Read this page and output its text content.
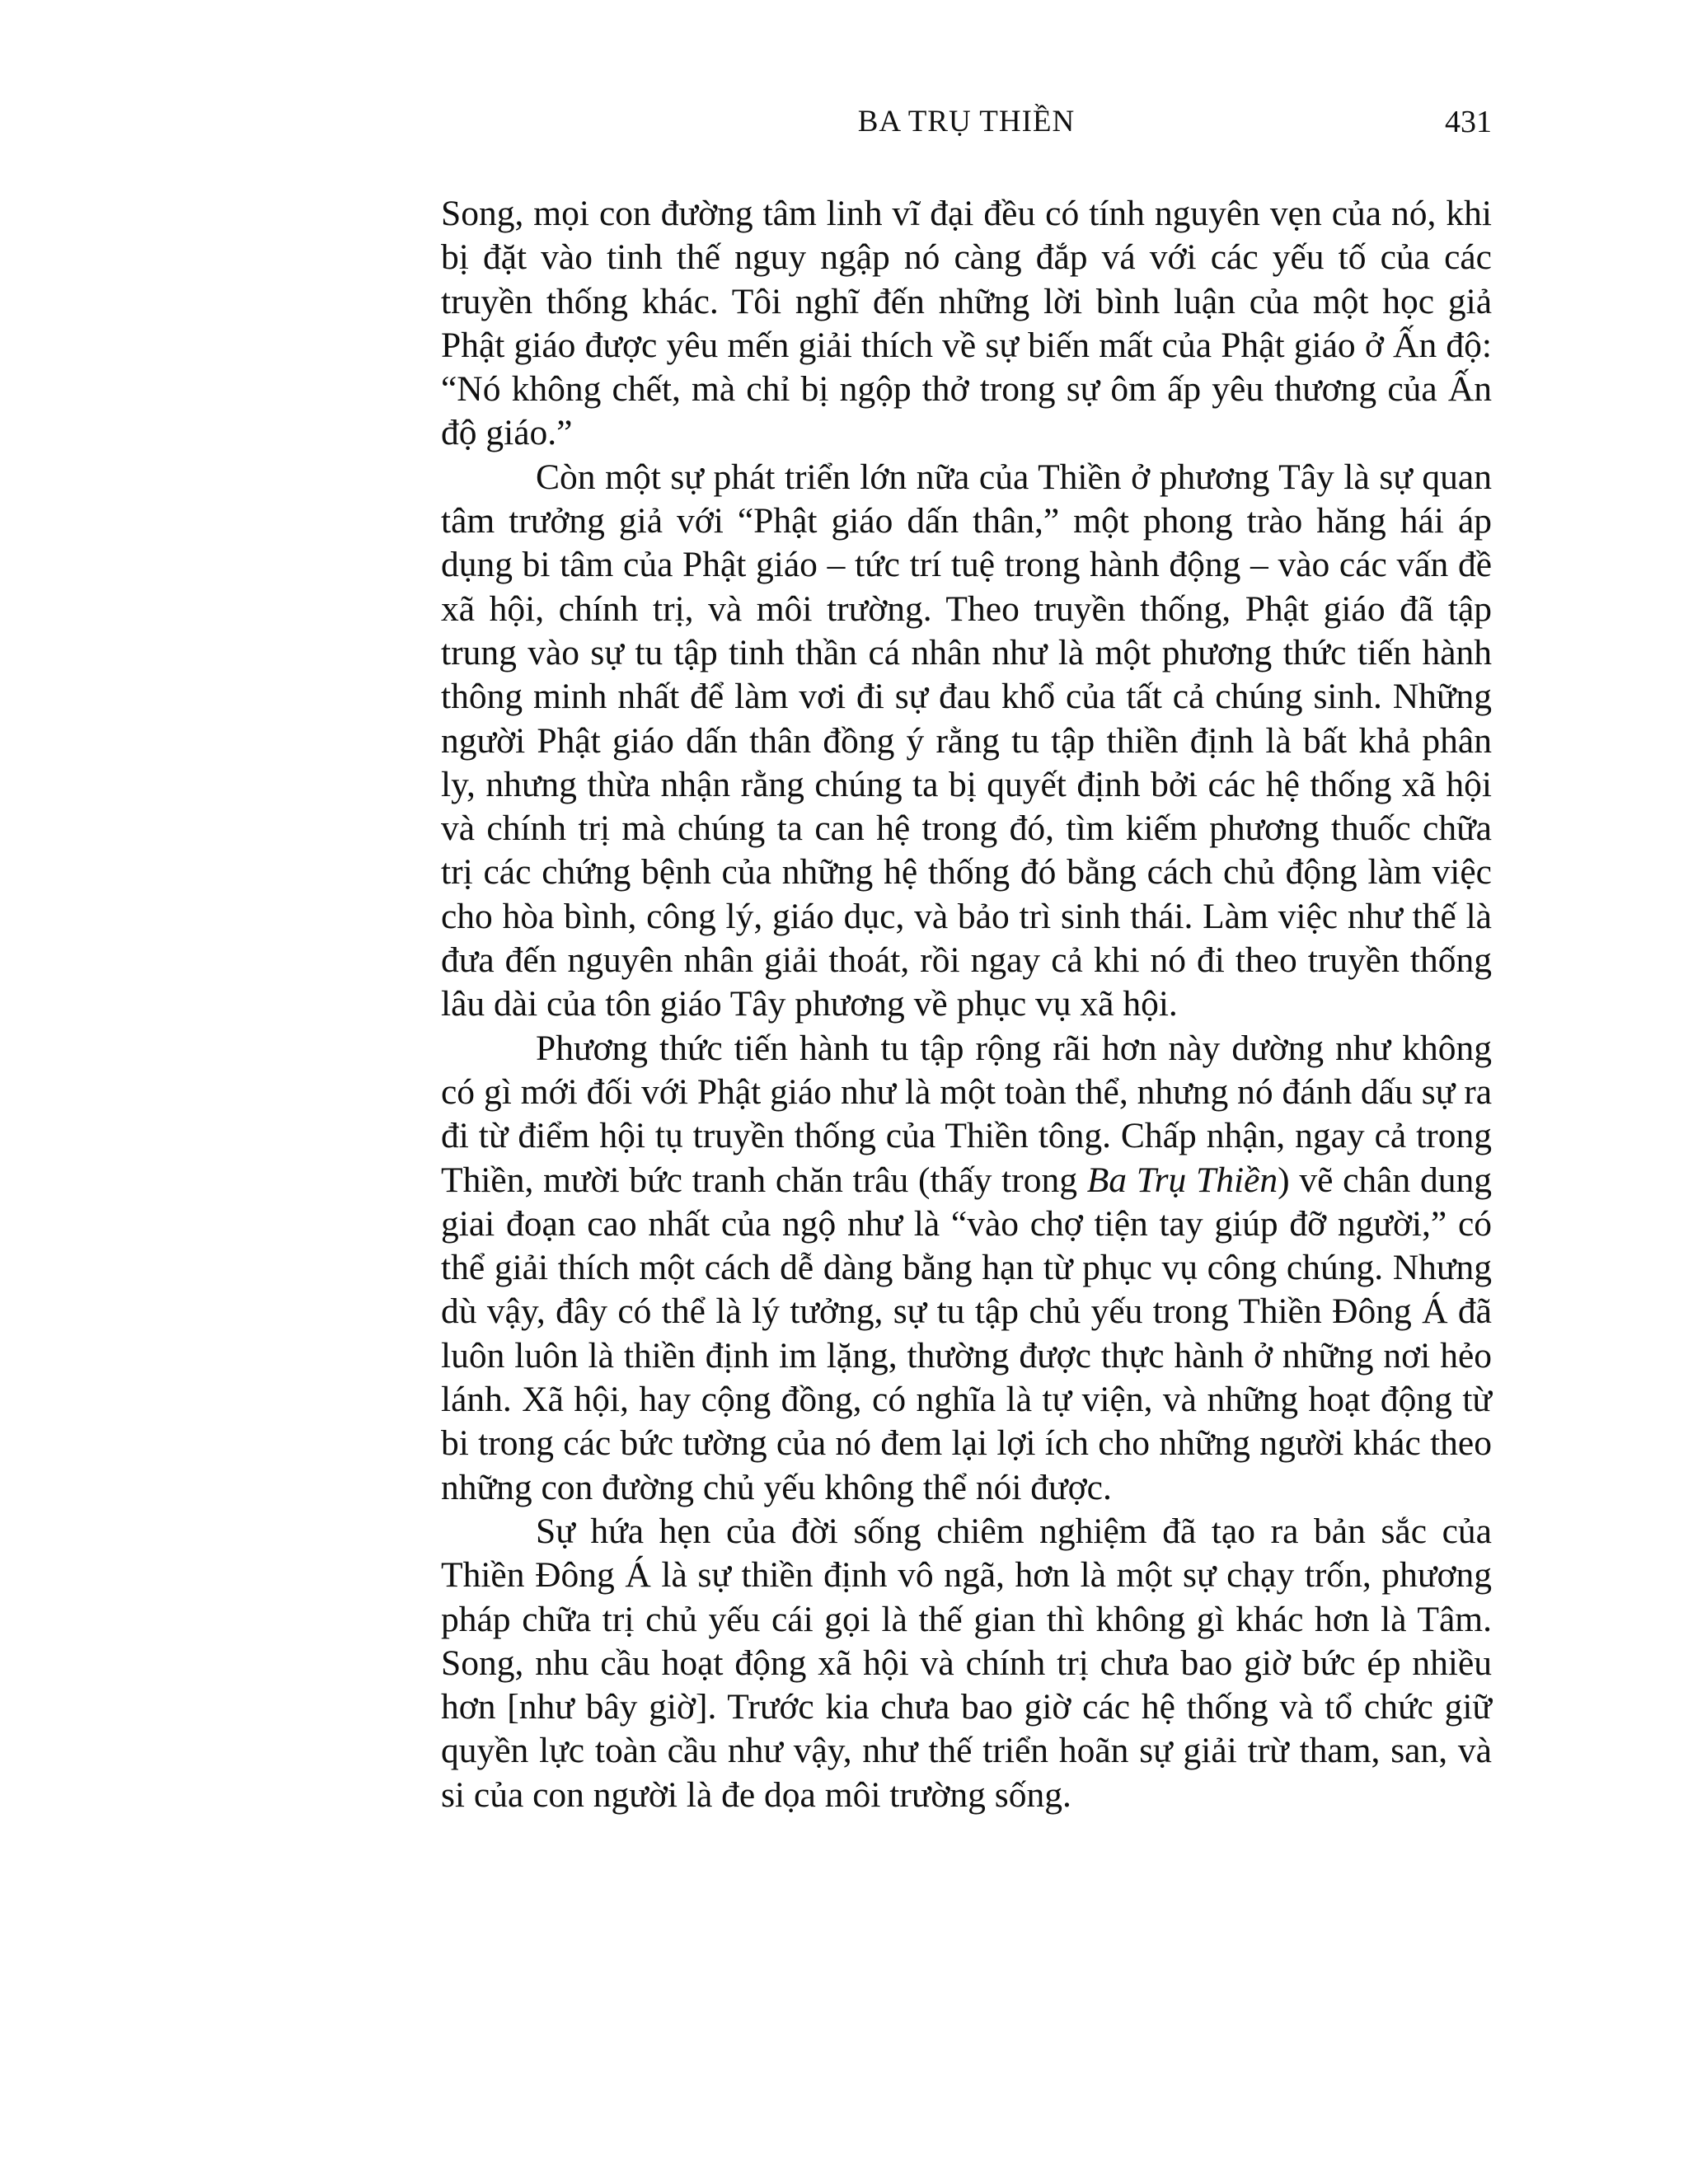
BA TRỤ THIỀN	431

Song, mọi con đường tâm linh vĩ đại đều có tính nguyên vẹn của nó, khi bị đặt vào tinh thế nguy ngập nó càng đắp vá với các yếu tố của các truyền thống khác. Tôi nghĩ đến những lời bình luận của một học giả Phật giáo được yêu mến giải thích về sự biến mất của Phật giáo ở Ấn độ: “Nó không chết, mà chỉ bị ngộp thở trong sự ôm ấp yêu thương của Ấn độ giáo.”

Còn một sự phát triển lớn nữa của Thiền ở phương Tây là sự quan tâm trưởng giả với “Phật giáo dấn thân,” một phong trào hăng hái áp dụng bi tâm của Phật giáo – tức trí tuệ trong hành động – vào các vấn đề xã hội, chính trị, và môi trường. Theo truyền thống, Phật giáo đã tập trung vào sự tu tập tinh thần cá nhân như là một phương thức tiến hành thông minh nhất để làm vơi đi sự đau khổ của tất cả chúng sinh. Những người Phật giáo dấn thân đồng ý rằng tu tập thiền định là bất khả phân ly, nhưng thừa nhận rằng chúng ta bị quyết định bởi các hệ thống xã hội và chính trị mà chúng ta can hệ trong đó, tìm kiếm phương thuốc chữa trị các chứng bệnh của những hệ thống đó bằng cách chủ động làm việc cho hòa bình, công lý, giáo dục, và bảo trì sinh thái. Làm việc như thế là đưa đến nguyên nhân giải thoát, rồi ngay cả khi nó đi theo truyền thống lâu dài của tôn giáo Tây phương về phục vụ xã hội.

Phương thức tiến hành tu tập rộng rãi hơn này dường như không có gì mới đối với Phật giáo như là một toàn thể, nhưng nó đánh dấu sự ra đi từ điểm hội tụ truyền thống của Thiền tông. Chấp nhận, ngay cả trong Thiền, mười bức tranh chăn trâu (thấy trong Ba Trụ Thiền) vẽ chân dung giai đoạn cao nhất của ngộ như là “vào chợ tiện tay giúp đỡ người,” có thể giải thích một cách dễ dàng bằng hạn từ phục vụ công chúng. Nhưng dù vậy, đây có thể là lý tưởng, sự tu tập chủ yếu trong Thiền Đông Á đã luôn luôn là thiền định im lặng, thường được thực hành ở những nơi hẻo lánh. Xã hội, hay cộng đồng, có nghĩa là tự viện, và những hoạt động từ bi trong các bức tường của nó đem lại lợi ích cho những người khác theo những con đường chủ yếu không thể nói được.

Sự hứa hẹn của đời sống chiêm nghiệm đã tạo ra bản sắc của Thiền Đông Á là sự thiền định vô ngã, hơn là một sự chạy trốn, phương pháp chữa trị chủ yếu cái gọi là thế gian thì không gì khác hơn là Tâm. Song, nhu cầu hoạt động xã hội và chính trị chưa bao giờ bức ép nhiều hơn [như bây giờ]. Trước kia chưa bao giờ các hệ thống và tổ chức giữ quyền lực toàn cầu như vậy, như thế triển hoãn sự giải trừ tham, san, và si của con người là đe dọa môi trường sống.
